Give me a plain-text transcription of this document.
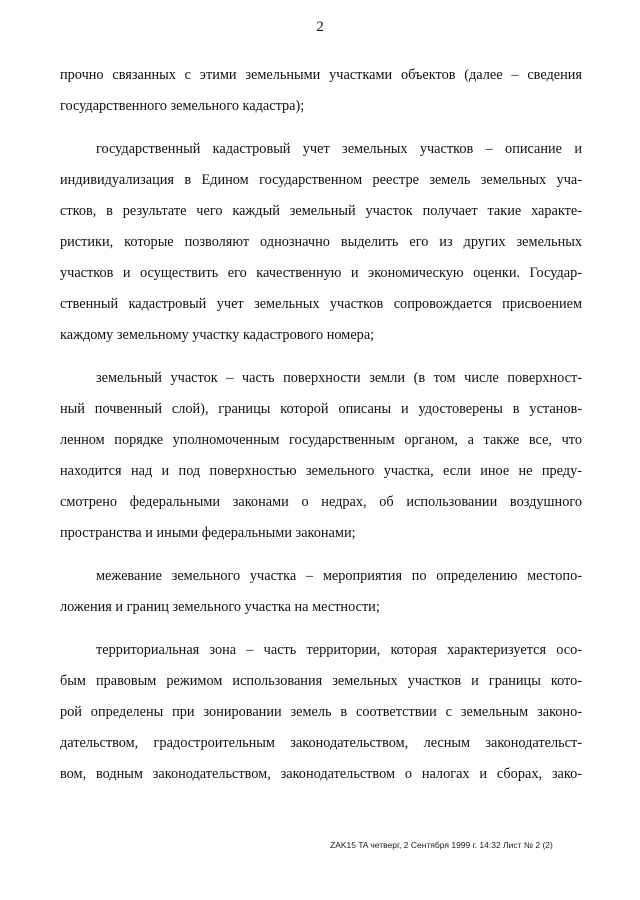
2

прочно связанных с этими земельными участками объектов (далее – сведения
государственного земельного кадастра);

государственный кадастровый учет земельных участков – описание и
индивидуализация в Едином государственном реестре земель земельных уча-
стков, в результате чего каждый земельный участок получает такие характе-
ристики, которые позволяют однозначно выделить его из других земельных
участков и осуществить его качественную и экономическую оценки. Государ-
ственный кадастровый учет земельных участков сопровождается присвоением
каждому земельному участку кадастрового номера;

земельный участок – часть поверхности земли (в том числе поверхност-
ный почвенный слой), границы которой описаны и удостоверены в установ-
ленном порядке уполномоченным государственным органом, а также все, что
находится над и под поверхностью земельного участка, если иное не преду-
смотрено федеральными законами о недрах, об использовании воздушного
пространства и иными федеральными законами;

межевание земельного участка – мероприятия по определению местопо-
ложения и границ земельного участка на местности;

территориальная зона – часть территории, которая характеризуется осо-
бым правовым режимом использования земельных участков и границы кото-
рой определены при зонировании земель в соответствии с земельным законо-
дательством, градостроительным законодательством, лесным законодательст-
вом, водным законодательством, законодательством о налогах и сборах, зако-

ZAK15 TA четверг, 2 Сентября 1999 г. 14:32 Лист № 2 (2)
